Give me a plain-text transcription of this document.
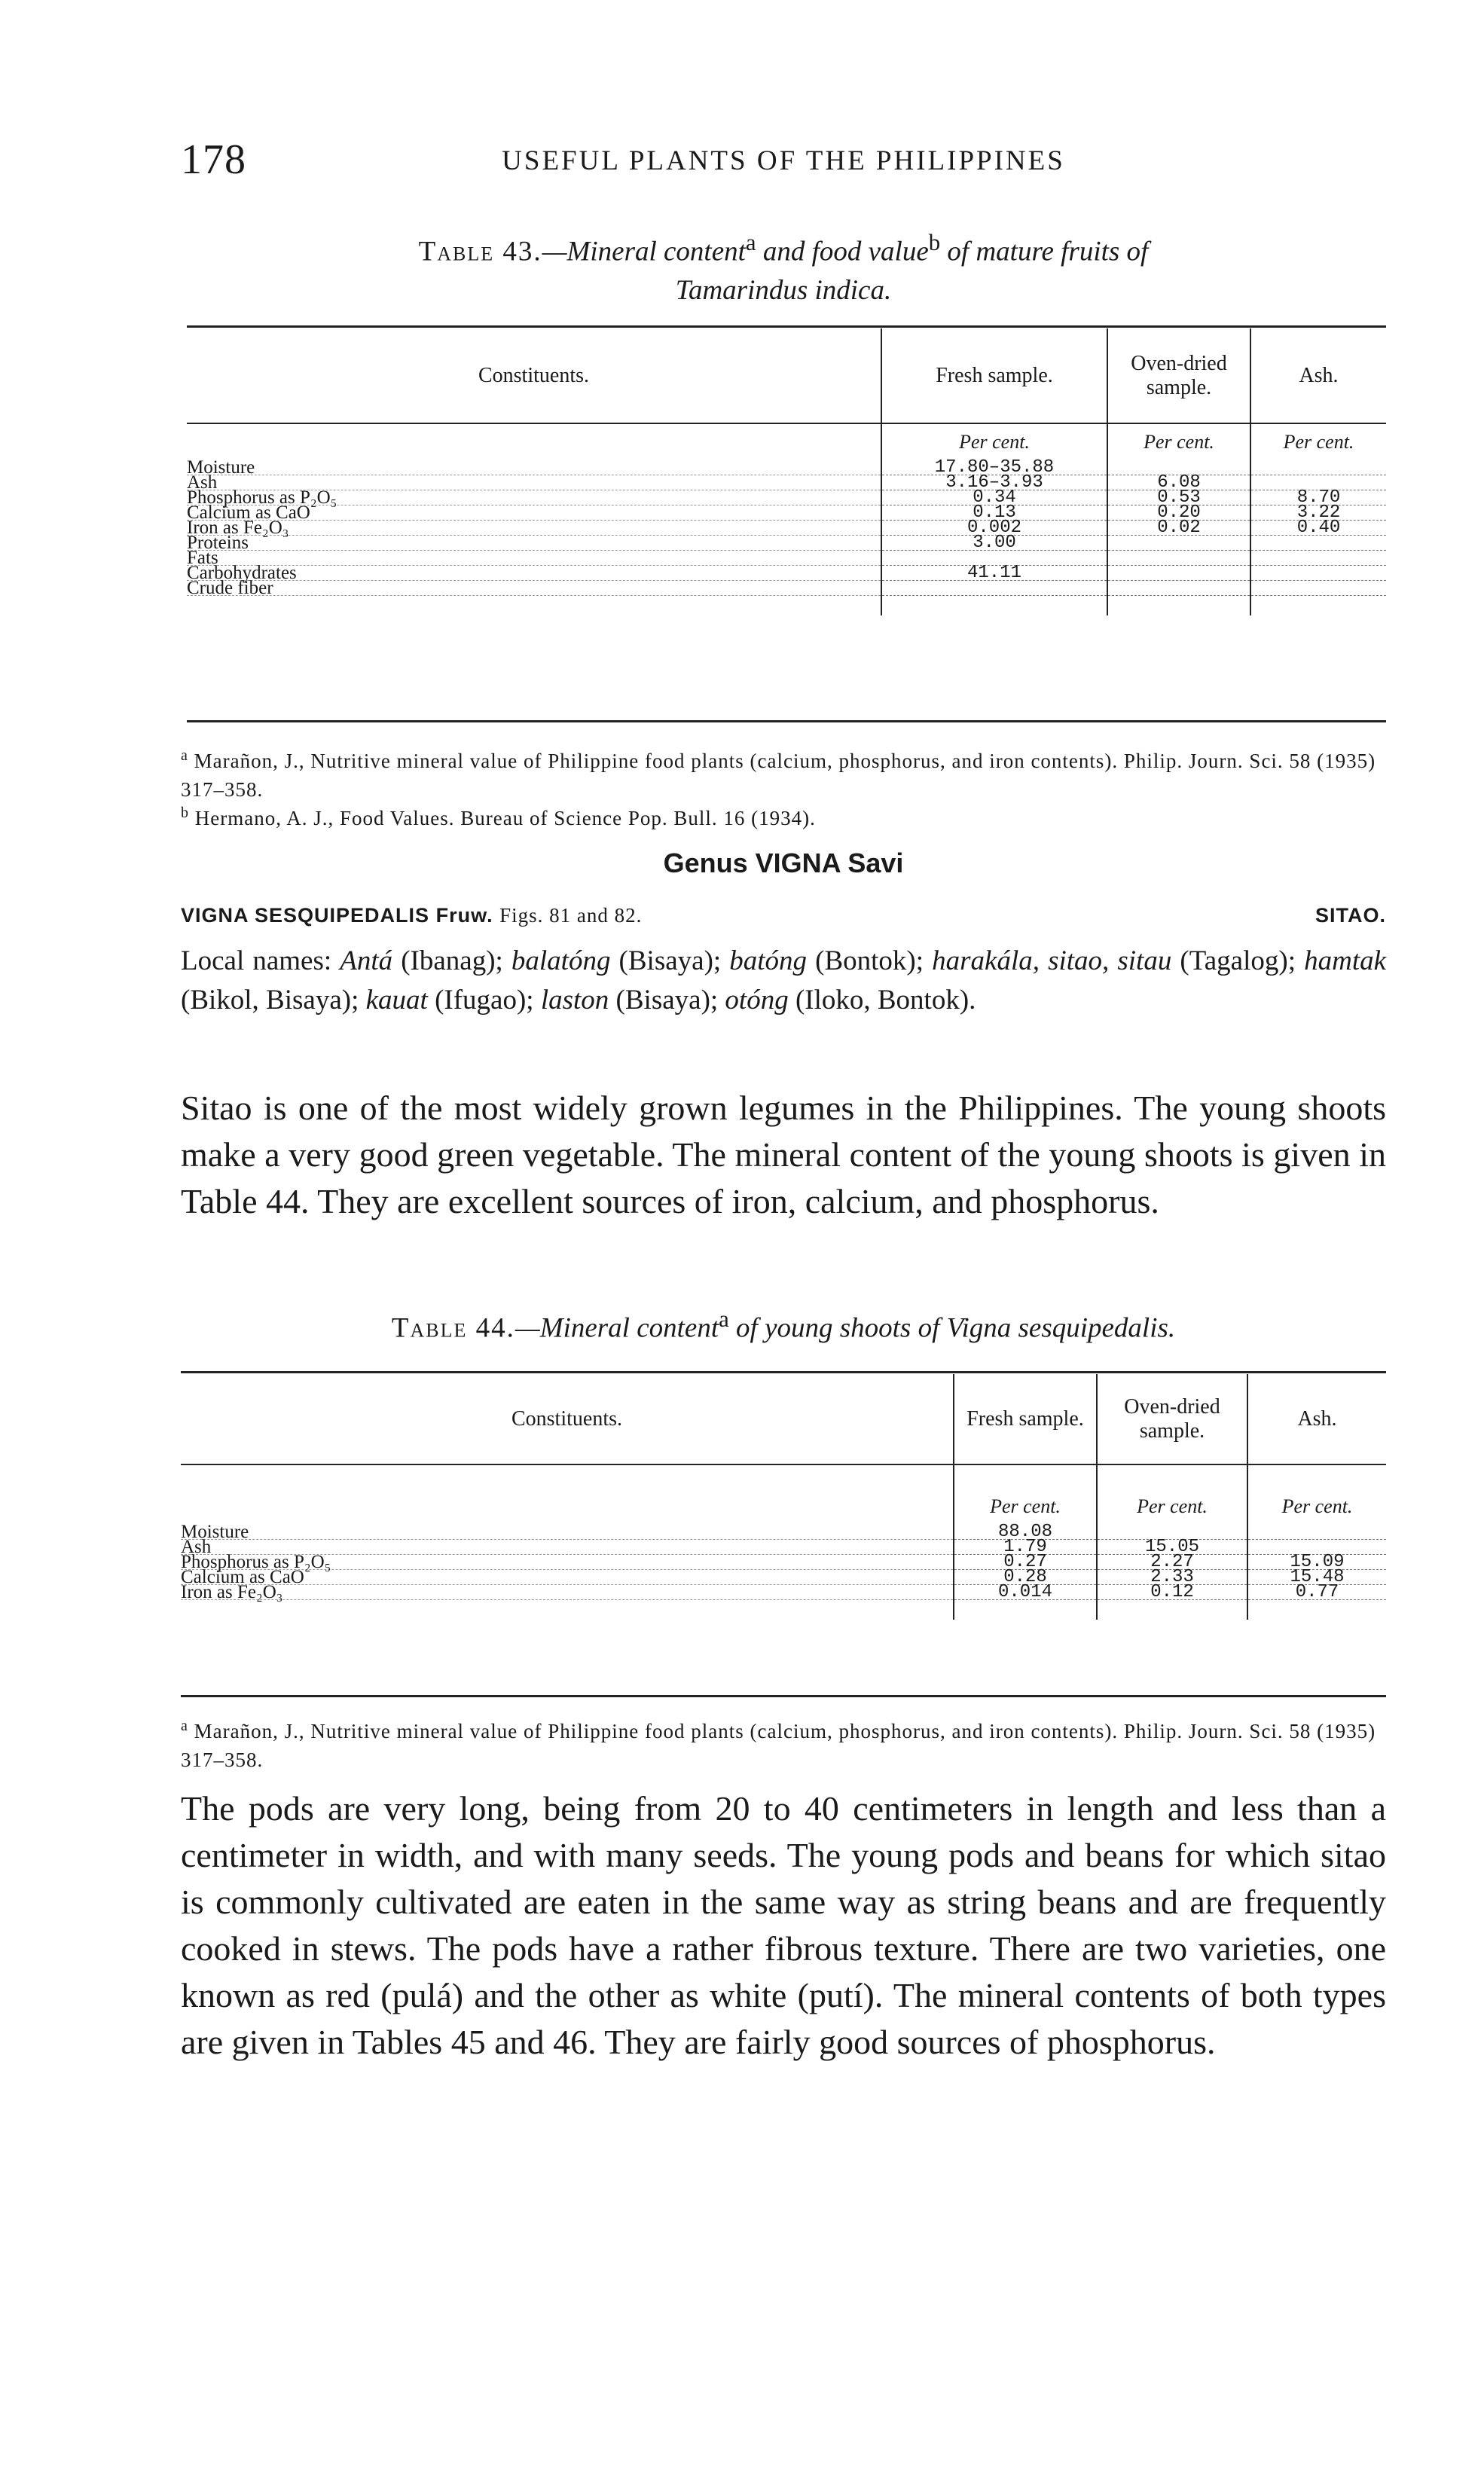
178	USEFUL PLANTS OF THE PHILIPPINES
Table 43.—Mineral content$^a$ and food value$^b$ of mature fruits of
Tamarindus indica.
Constituents.	Fresh sample.	Oven-dried sample.	Ash.
	Per cent.	Per cent.	Per cent.
Moisture	17.80–35.88		
Ash	3.16–3.93	6.08	
Phosphorus as P₂O₅	0.34	0.53	8.70
Calcium as CaO	0.13	0.20	3.22
Iron as Fe₂O₃	0.002	0.02	0.40
Proteins	3.00		
Fats			
Carbohydrates	41.11		
Crude fiber			

$^a$ Marañon, J., Nutritive mineral value of Philippine food plants (calcium, phosphorus, and iron contents). Philip. Journ. Sci. 58 (1935) 317–358.
$^b$ Hermano, A. J., Food Values. Bureau of Science Pop. Bull. 16 (1934).
Genus VIGNA Savi
VIGNA SESQUIPEDALIS Fruw. Figs. 81 and 82.	SITAO.
Local names: Antá (Ibanag); balatóng (Bisaya); batóng (Bontok); harakála, sitao, sitau (Tagalog); hamtak (Bikol, Bisaya); kauat (Ifugao); laston (Bisaya); otóng (Iloko, Bontok).
Sitao is one of the most widely grown legumes in the Philippines. The young shoots make a very good green vegetable. The mineral content of the young shoots is given in Table 44. They are excellent sources of iron, calcium, and phosphorus.
Table 44.—Mineral content$^a$ of young shoots of Vigna sesquipedalis.
Constituents.	Fresh sample.	Oven-dried sample.	Ash.
	Per cent.	Per cent.	Per cent.
Moisture	88.08		
Ash	1.79	15.05	
Phosphorus as P₂O₅	0.27	2.27	15.09
Calcium as CaO	0.28	2.33	15.48
Iron as Fe₂O₃	0.014	0.12	0.77

$^a$ Marañon, J., Nutritive mineral value of Philippine food plants (calcium, phosphorus, and iron contents). Philip. Journ. Sci. 58 (1935) 317–358.
The pods are very long, being from 20 to 40 centimeters in length and less than a centimeter in width, and with many seeds. The young pods and beans for which sitao is commonly cultivated are eaten in the same way as string beans and are frequently cooked in stews. The pods have a rather fibrous texture. There are two varieties, one known as red (pulá) and the other as white (putí). The mineral contents of both types are given in Tables 45 and 46. They are fairly good sources of phosphorus.
